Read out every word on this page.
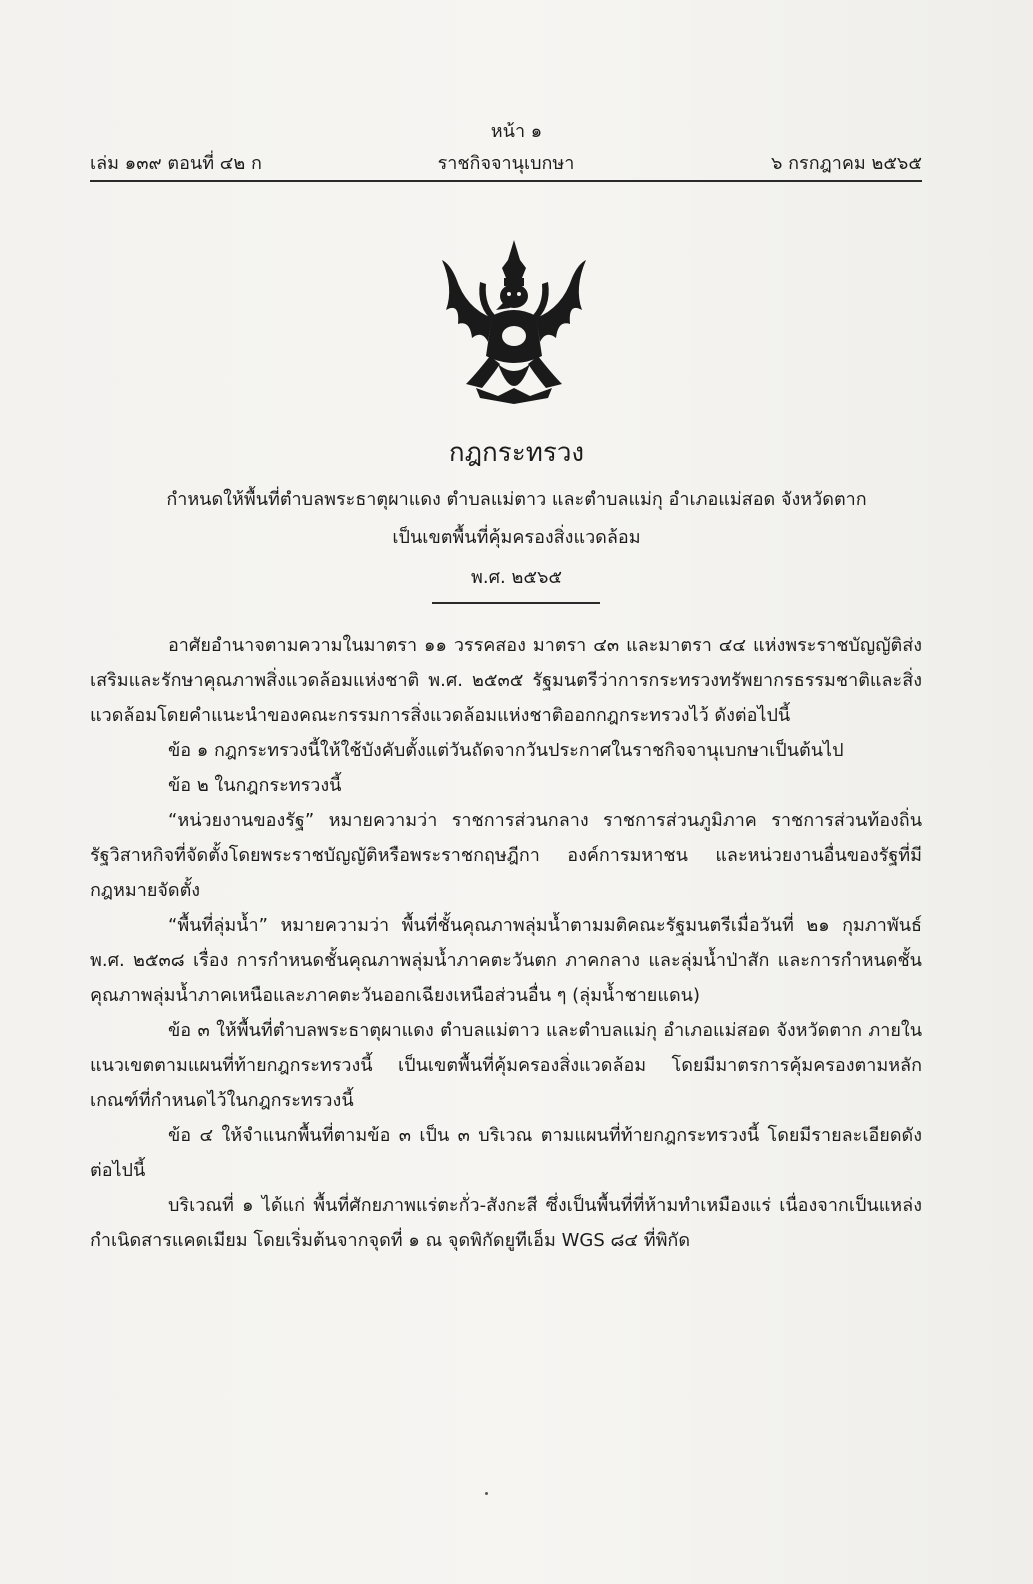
หน้า ๑
ราชกิจจานุเบกษา
เล่ม ๑๓๙ ตอนที่ ๔๒ ก	๖ กรกฎาคม ๒๕๖๕
กฎกระทรวง
กำหนดให้พื้นที่ตำบลพระธาตุผาแดง ตำบลแม่ตาว และตำบลแม่กุ อำเภอแม่สอด จังหวัดตาก
เป็นเขตพื้นที่คุ้มครองสิ่งแวดล้อม
พ.ศ. ๒๕๖๕

อาศัยอำนาจตามความในมาตรา ๑๑ วรรคสอง มาตรา ๔๓ และมาตรา ๔๔ แห่งพระราชบัญญัติส่งเสริมและรักษาคุณภาพสิ่งแวดล้อมแห่งชาติ พ.ศ. ๒๕๓๕ รัฐมนตรีว่าการกระทรวงทรัพยากรธรรมชาติและสิ่งแวดล้อมโดยคำแนะนำของคณะกรรมการสิ่งแวดล้อมแห่งชาติออกกฎกระทรวงไว้ ดังต่อไปนี้

ข้อ ๑ กฎกระทรวงนี้ให้ใช้บังคับตั้งแต่วันถัดจากวันประกาศในราชกิจจานุเบกษาเป็นต้นไป

ข้อ ๒ ในกฎกระทรวงนี้

“หน่วยงานของรัฐ” หมายความว่า ราชการส่วนกลาง ราชการส่วนภูมิภาค ราชการส่วนท้องถิ่น รัฐวิสาหกิจที่จัดตั้งโดยพระราชบัญญัติหรือพระราชกฤษฎีกา องค์การมหาชน และหน่วยงานอื่นของรัฐที่มีกฎหมายจัดตั้ง

“พื้นที่ลุ่มน้ำ” หมายความว่า พื้นที่ชั้นคุณภาพลุ่มน้ำตามมติคณะรัฐมนตรีเมื่อวันที่ ๒๑ กุมภาพันธ์ พ.ศ. ๒๕๓๘ เรื่อง การกำหนดชั้นคุณภาพลุ่มน้ำภาคตะวันตก ภาคกลาง และลุ่มน้ำป่าสัก และการกำหนดชั้นคุณภาพลุ่มน้ำภาคเหนือและภาคตะวันออกเฉียงเหนือส่วนอื่น ๆ (ลุ่มน้ำชายแดน)

ข้อ ๓ ให้พื้นที่ตำบลพระธาตุผาแดง ตำบลแม่ตาว และตำบลแม่กุ อำเภอแม่สอด จังหวัดตาก ภายในแนวเขตตามแผนที่ท้ายกฎกระทรวงนี้ เป็นเขตพื้นที่คุ้มครองสิ่งแวดล้อม โดยมีมาตรการคุ้มครองตามหลักเกณฑ์ที่กำหนดไว้ในกฎกระทรวงนี้

ข้อ ๔ ให้จำแนกพื้นที่ตามข้อ ๓ เป็น ๓ บริเวณ ตามแผนที่ท้ายกฎกระทรวงนี้ โดยมีรายละเอียดดังต่อไปนี้

บริเวณที่ ๑ ได้แก่ พื้นที่ศักยภาพแร่ตะกั่ว-สังกะสี ซึ่งเป็นพื้นที่ที่ห้ามทำเหมืองแร่ เนื่องจากเป็นแหล่งกำเนิดสารแคดเมียม โดยเริ่มต้นจากจุดที่ ๑ ณ จุดพิกัดยูทีเอ็ม WGS ๘๔ ที่พิกัด
